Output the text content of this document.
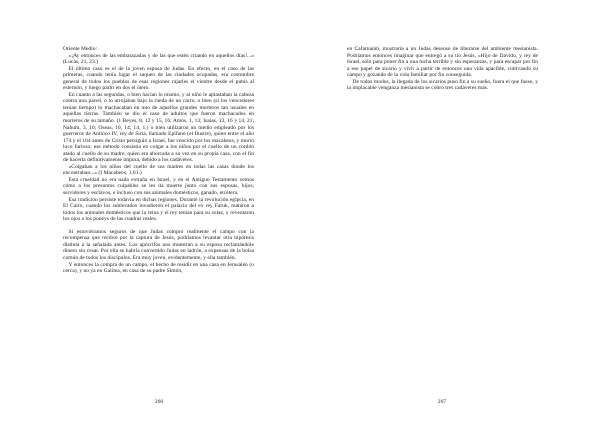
Oriente Medio:

«¡Ay entonces de las embarazadas y de las que estén criando en aquellos días!...» (Lucas, 21, 23.)

El último caso es el de la joven esposa de Judas. En efecto, en el caso de las primeras, cuando tenía lugar el saqueo de las ciudades ocupadas, era costumbre general de todos los pueblos de esas regiones rajarles el vientre desde el pubis al esternón, y luego partir en dos el útero.

En cuanto a las segundas, o bien hacían lo mismo, y al niño le aplastaban la cabeza contra una pared, o lo arrojaban bajo la rueda de un carro, o bien (si los vencedores tenían tiempo) lo machacaban en uno de aquellos grandes morteros tan usuales en aquellas tierras. También se dio el caso de adultos que fueron machacados en morteros de su tamaño. (1 Reyes, 8, 12 y 15, 16; Amós, 1, 13; Isaías, 13, 16 y 14, 21; Nahum, 3, 10; Oseas, 10, 14; 14, 1.) o bien utilizaron un medio empleado por los guerreros de Antioco IV, rey de Siria, llamado Epífano (el Ilustre), quien entre el año 174 y el 164 antes de Cristo persiguió a Israel, fue vencido por los macabeos, y murió loco furioso; ese método consistía en colgar a los niños por el cuello de un cordón atado al cuello de su madre, quien era ahorcada a su vez en su propia casa, con el fin de hacerla definitivamente impura, debido a los cadáveres.

«Colgaban a los niños del cuello de sus madres en todas las casas donde los encontraban...» (I Macabeos, 1,61.)

Esta crueldad no era nada extraña en Israel, y en el Antiguo Testamento vemos cómo a los presuntos culpables se les da muerte junto con sus esposas, hijos, servidores y esclavos, e incluso con sus animales domésticos, ganado, etcétera.

Esa tradición persiste todavía en dichas regiones. Durante la revolución egipcia, en El Cairo, cuando los sublevados invadieron el palacio del ex rey Faruk, mataron a todos los animales domésticos que la reina y el rey tenían para su solaz, y reventaron los ojos a los poneys de las cuadras reales.

Si estuviéramos seguros de que Judas compró realmente el campo con la recompensa que recibió por la captura de Jesús, podríamos levantar otra hipótesis distinta a la señalada antes. Los apócrifos nos muestran a su esposa reclamándole dinero sin cesar. Por ella se habría convertido Judas en ladrón, a expensas de la bolsa común de todos los discípulos. Era muy joven, evidentemente, y ella también.

Y entonces la compra de un campo, el hecho de residir en una casa en Jerusalén (o cerca), y no ya en Galilea, en casa de su padre Simón,

266

en Cafarnaúm, mostraría a un Judas deseoso de liberarse del ambiente mesianista. Podríamos entonces imaginar que entregó a su tío Jesús, «Hijo de Davido, y rey de Israel, sólo para poner fin a una lucha terrible y sin esperanzas, y para escapar por fin a ese papel de sicario y vivir a partir de entonces una vida apacible, cultivando su campo y gozando de la vida familiar por fin conseguida.

De todos modos, la llegada de los sicarios puso fin a su sueño, fuera el que fuese, y la implacable venganza mesianista se cobró tres cadáveres más.

267
